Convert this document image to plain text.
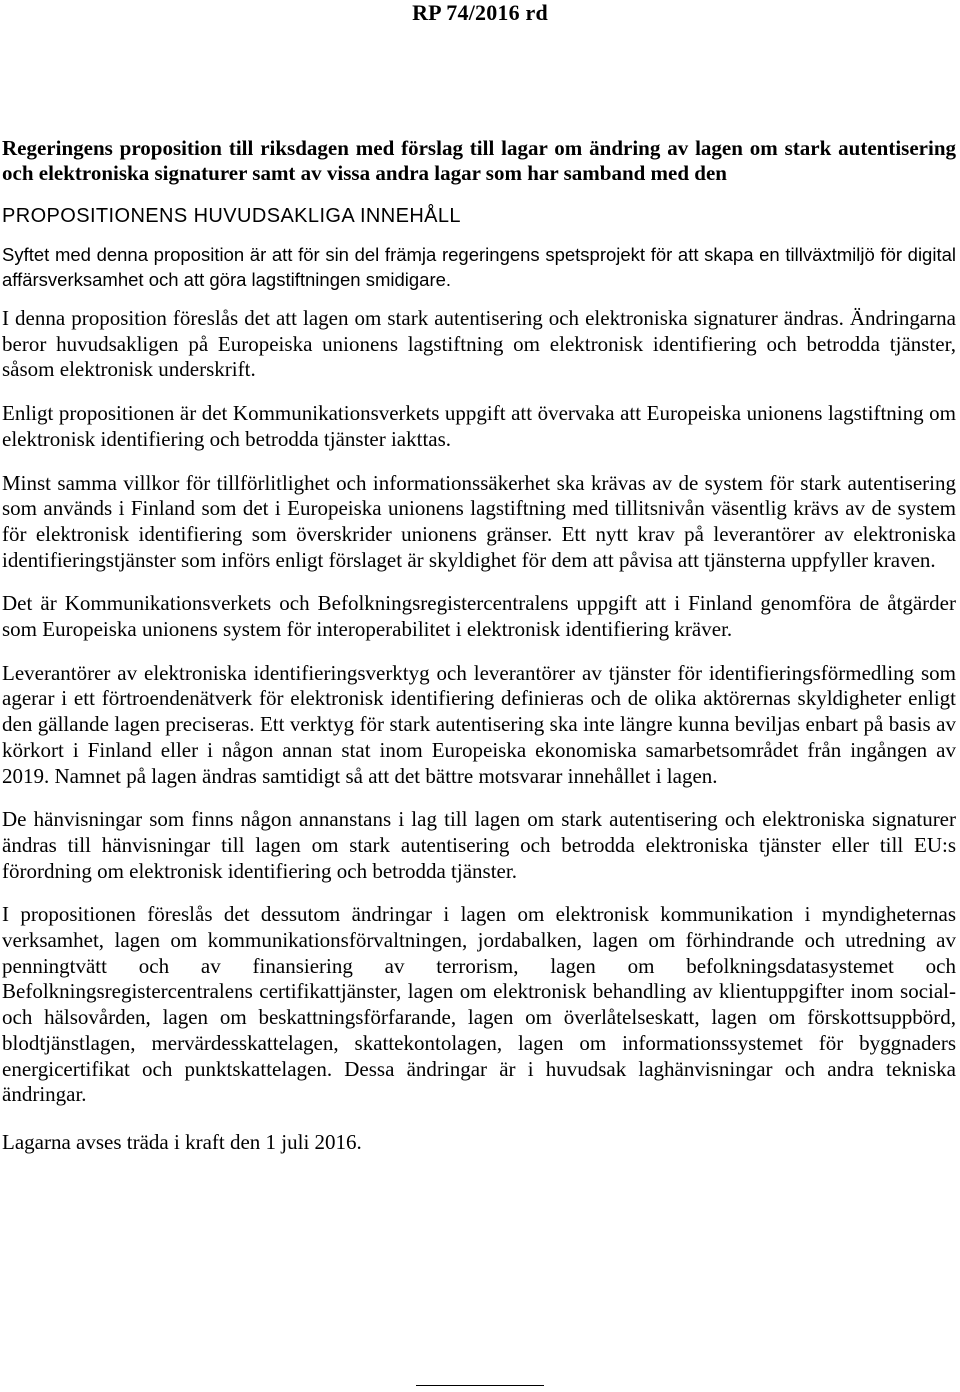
RP 74/2016 rd

Regeringens proposition till riksdagen med förslag till lagar om ändring av lagen om stark autentisering och elektroniska signaturer samt av vissa andra lagar som har samband med den

PROPOSITIONENS HUVUDSAKLIGA INNEHÅLL

Syftet med denna proposition är att för sin del främja regeringens spetsprojekt för att skapa en tillväxtmiljö för digital affärsverksamhet och att göra lagstiftningen smidigare.

I denna proposition föreslås det att lagen om stark autentisering och elektroniska signaturer ändras. Ändringarna beror huvudsakligen på Europeiska unionens lagstiftning om elektronisk identifiering och betrodda tjänster, såsom elektronisk underskrift.

Enligt propositionen är det Kommunikationsverkets uppgift att övervaka att Europeiska unionens lagstiftning om elektronisk identifiering och betrodda tjänster iakttas.

Minst samma villkor för tillförlitlighet och informationssäkerhet ska krävas av de system för stark autentisering som används i Finland som det i Europeiska unionens lagstiftning med tillitsnivån väsentlig krävs av de system för elektronisk identifiering som överskrider unionens gränser. Ett nytt krav på leverantörer av elektroniska identifieringstjänster som införs enligt förslaget är skyldighet för dem att påvisa att tjänsterna uppfyller kraven.

Det är Kommunikationsverkets och Befolkningsregistercentralens uppgift att i Finland genomföra de åtgärder som Europeiska unionens system för interoperabilitet i elektronisk identifiering kräver.

Leverantörer av elektroniska identifieringsverktyg och leverantörer av tjänster för identifieringsförmedling som agerar i ett förtroendenätverk för elektronisk identifiering definieras och de olika aktörernas skyldigheter enligt den gällande lagen preciseras. Ett verktyg för stark autentisering ska inte längre kunna beviljas enbart på basis av körkort i Finland eller i någon annan stat inom Europeiska ekonomiska samarbetsområdet från ingången av 2019. Namnet på lagen ändras samtidigt så att det bättre motsvarar innehållet i lagen.

De hänvisningar som finns någon annanstans i lag till lagen om stark autentisering och elektroniska signaturer ändras till hänvisningar till lagen om stark autentisering och betrodda elektroniska tjänster eller till EU:s förordning om elektronisk identifiering och betrodda tjänster.

I propositionen föreslås det dessutom ändringar i lagen om elektronisk kommunikation i myndigheternas verksamhet, lagen om kommunikationsförvaltningen, jordabalken, lagen om förhindrande och utredning av penningtvätt och av finansiering av terrorism, lagen om befolkningsdatasystemet och Befolkningsregistercentralens certifikattjänster, lagen om elektronisk behandling av klientuppgifter inom social- och hälsovården, lagen om beskattningsförfarande, lagen om överlåtelseskatt, lagen om förskottsuppbörd, blodtjänstlagen, mervärdesskattelagen, skattekontolagen, lagen om informationssystemet för byggnaders energicertifikat och punktskattelagen. Dessa ändringar är i huvudsak laghänvisningar och andra tekniska ändringar.

Lagarna avses träda i kraft den 1 juli 2016.
